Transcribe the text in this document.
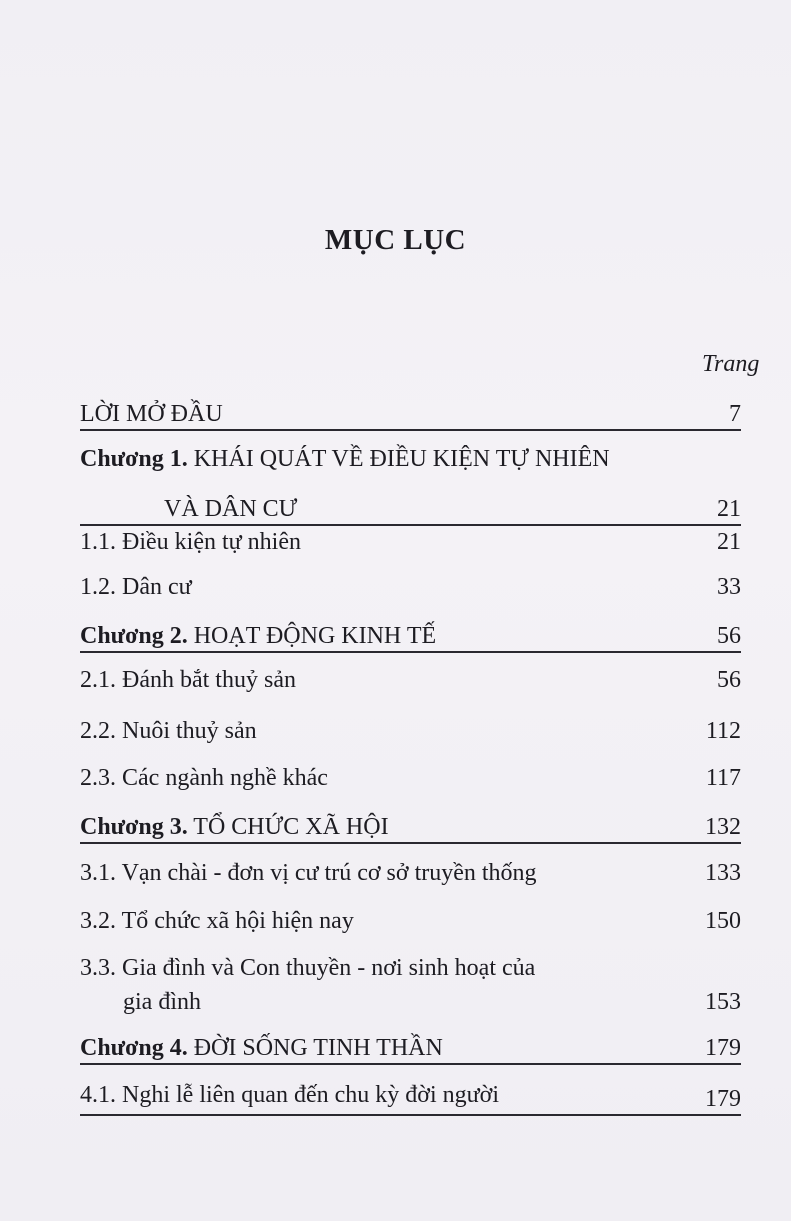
MỤC LỤC
Trang
LỜI MỞ ĐẦU	7
Chương 1. KHÁI QUÁT VỀ ĐIỀU KIỆN TỰ NHIÊN
VÀ DÂN CƯ	21
1.1. Điều kiện tự nhiên	21
1.2. Dân cư	33
Chương 2. HOẠT ĐỘNG KINH TẾ	56
2.1. Đánh bắt thuỷ sản	56
2.2. Nuôi thuỷ sản	112
2.3. Các ngành nghề khác	117
Chương 3. TỔ CHỨC XÃ HỘI	132
3.1. Vạn chài - đơn vị cư trú cơ sở truyền thống	133
3.2. Tổ chức xã hội hiện nay	150
3.3. Gia đình và Con thuyền - nơi sinh hoạt của
gia đình	153
Chương 4. ĐỜI SỐNG TINH THẦN	179
4.1. Nghi lễ liên quan đến chu kỳ đời người	179
